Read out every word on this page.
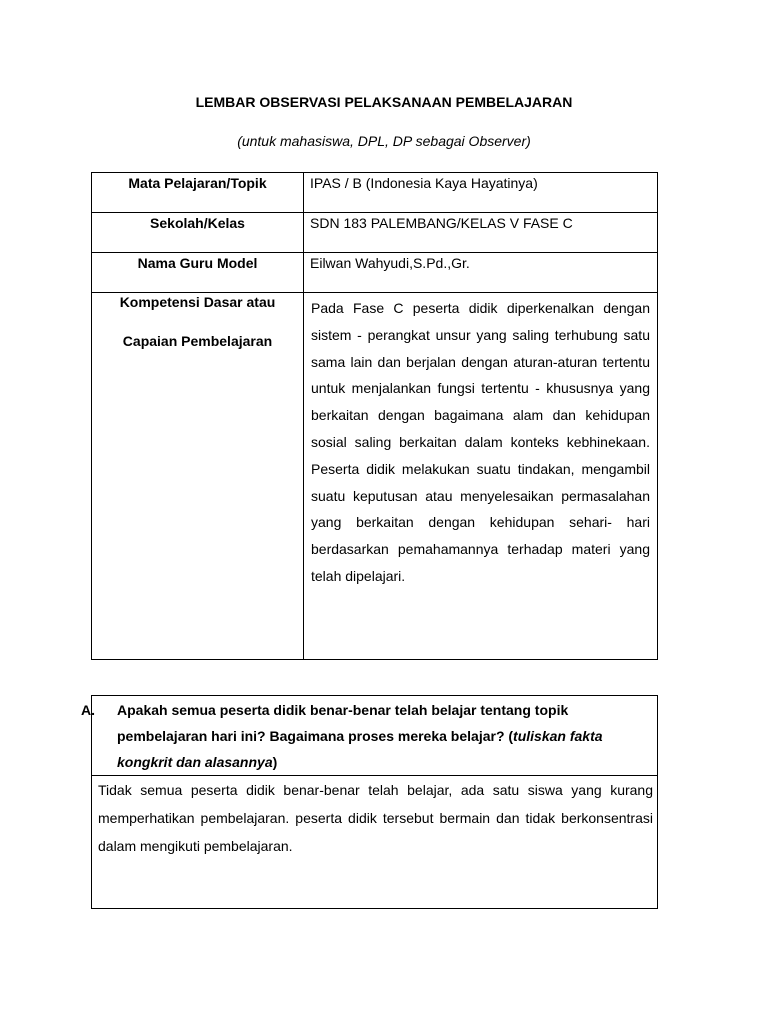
LEMBAR OBSERVASI PELAKSANAAN PEMBELAJARAN
(untuk mahasiswa, DPL, DP sebagai Observer)
Mata Pelajaran/Topik	IPAS / B (Indonesia Kaya Hayatinya)
Sekolah/Kelas	SDN 183 PALEMBANG/KELAS V FASE C
Nama Guru Model	Eilwan Wahyudi,S.Pd.,Gr.

Kompetensi Dasar atau
Capaian Pembelajaran	Pada Fase C peserta didik diperkenalkan dengan sistem - perangkat unsur yang saling terhubung satu sama lain dan berjalan dengan aturan-aturan tertentu untuk menjalankan fungsi tertentu - khususnya yang berkaitan dengan bagaimana alam dan kehidupan sosial saling berkaitan dalam konteks kebhinekaan. Peserta didik melakukan suatu tindakan, mengambil suatu keputusan atau menyelesaikan permasalahan yang berkaitan dengan kehidupan sehari- hari berdasarkan pemahamannya terhadap materi yang telah dipelajari.
A. Apakah semua peserta didik benar-benar telah belajar tentang topik pembelajaran hari ini? Bagaimana proses mereka belajar? (tuliskan fakta kongkrit dan alasannya)

Tidak semua peserta didik benar-benar telah belajar, ada satu siswa yang kurang memperhatikan pembelajaran. peserta didik tersebut bermain dan tidak berkonsentrasi dalam mengikuti pembelajaran.
